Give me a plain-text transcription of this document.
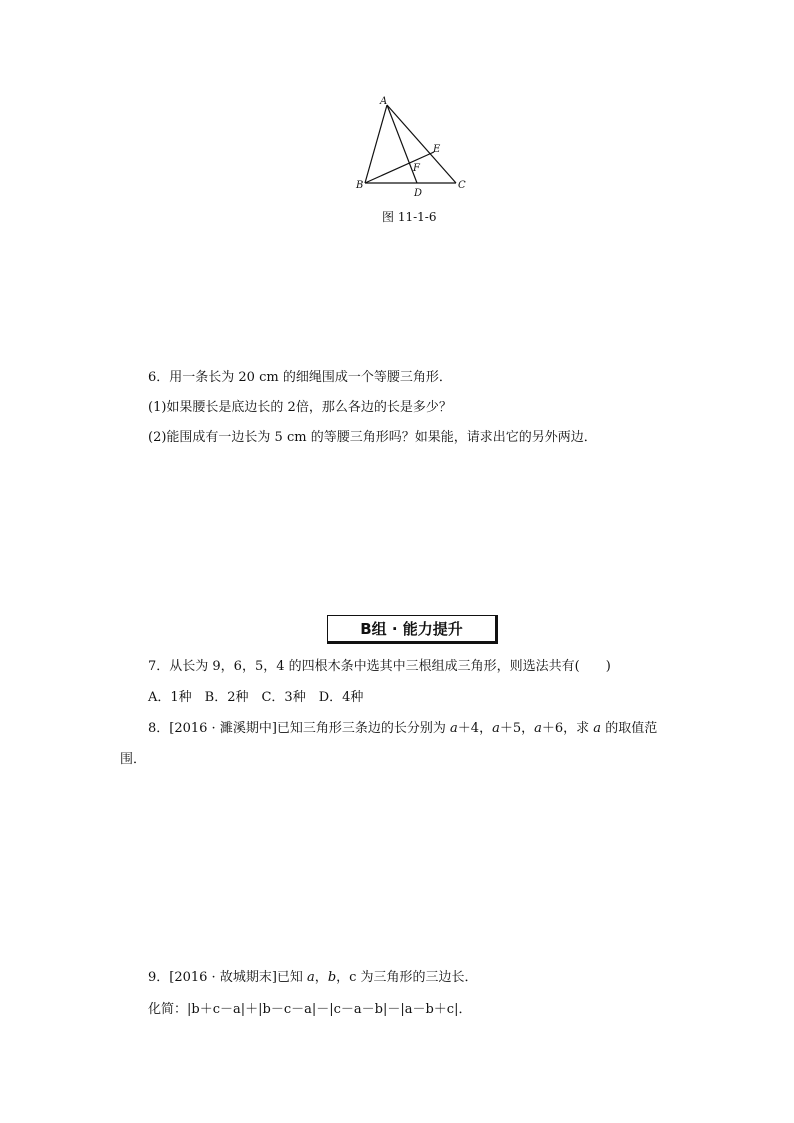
A
B	C
D
E
F
图 11-1-6
6．用一条长为 20 cm 的细绳围成一个等腰三角形．
(1)如果腰长是底边长的 2倍，那么各边的长是多少？
(2)能围成有一边长为 5 cm 的等腰三角形吗？如果能，请求出它的另外两边．
B组 · 能力提升
7．从长为 9，6，5，4 的四根木条中选其中三根组成三角形，则选法共有(　　)
A．1种　B．2种　C．3种　D．4种
8．[2016 · 濉溪期中]已知三角形三条边的长分别为 a＋4，a＋5，a＋6，求 a 的取值范
围．
9．[2016 · 故城期末]已知 a，b，c 为三角形的三边长．
化简：|b＋c－a|＋|b－c－a|－|c－a－b|－|a－b＋c|．
